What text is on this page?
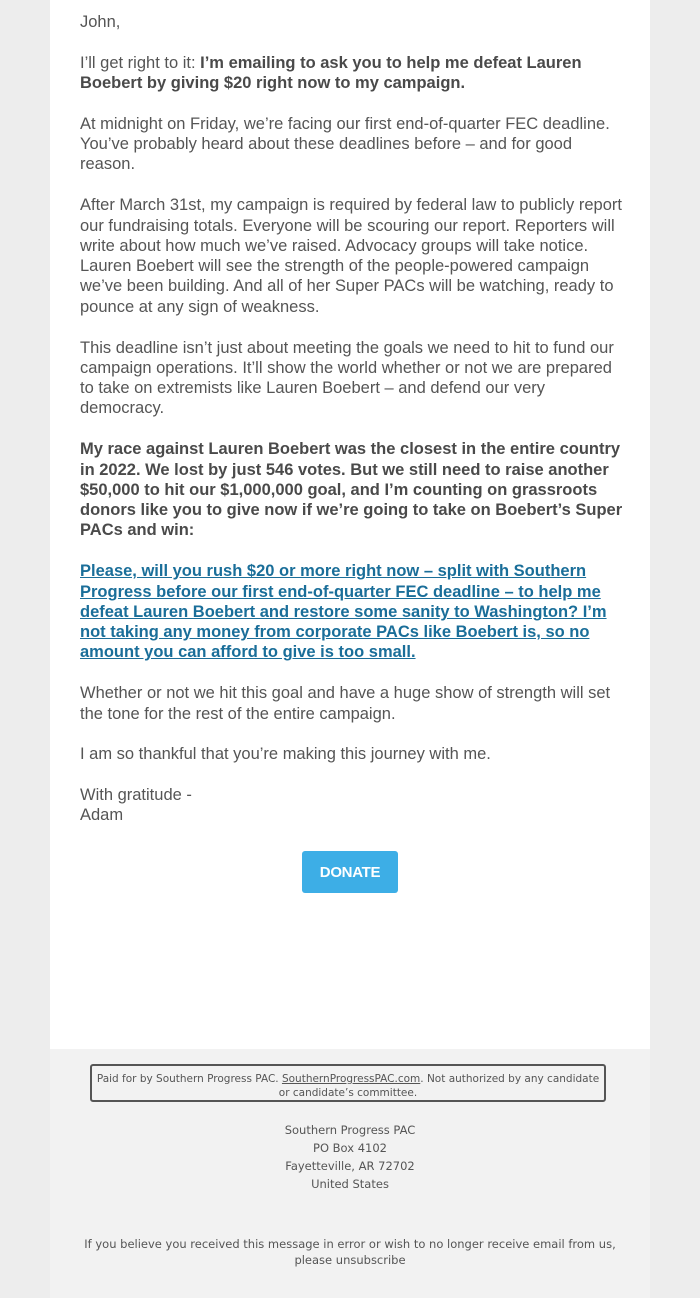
John,

I’ll get right to it: I’m emailing to ask you to help me defeat Lauren Boebert by giving $20 right now to my campaign.

At midnight on Friday, we’re facing our first end-of-quarter FEC deadline. You’ve probably heard about these deadlines before – and for good reason.

After March 31st, my campaign is required by federal law to publicly report our fundraising totals. Everyone will be scouring our report. Reporters will write about how much we’ve raised. Advocacy groups will take notice. Lauren Boebert will see the strength of the people-powered campaign we’ve been building. And all of her Super PACs will be watching, ready to pounce at any sign of weakness.

This deadline isn’t just about meeting the goals we need to hit to fund our campaign operations. It’ll show the world whether or not we are prepared to take on extremists like Lauren Boebert – and defend our very democracy.

My race against Lauren Boebert was the closest in the entire country in 2022. We lost by just 546 votes. But we still need to raise another $50,000 to hit our $1,000,000 goal, and I’m counting on grassroots donors like you to give now if we’re going to take on Boebert’s Super PACs and win:

Please, will you rush $20 or more right now – split with Southern Progress before our first end-of-quarter FEC deadline – to help me defeat Lauren Boebert and restore some sanity to Washington? I’m not taking any money from corporate PACs like Boebert is, so no amount you can afford to give is too small.

Whether or not we hit this goal and have a huge show of strength will set the tone for the rest of the entire campaign.

I am so thankful that you’re making this journey with me.

With gratitude -
Adam

DONATE
Paid for by Southern Progress PAC. SouthernProgressPAC.com. Not authorized by any candidate or candidate’s committee.
Southern Progress PAC
PO Box 4102
Fayetteville, AR 72702
United States
If you believe you received this message in error or wish to no longer receive email from us, please unsubscribe
